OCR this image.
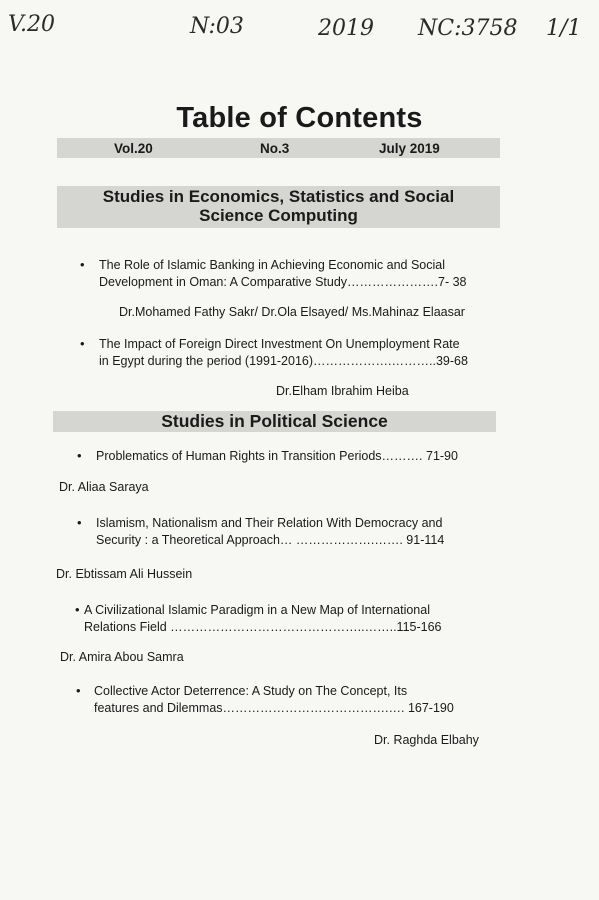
V.20	N:03	2019 NC:3758 1/1
Table of Contents
Vol.20	No.3	July 2019
Studies in Economics, Statistics and Social
Science Computing
• The Role of Islamic Banking in Achieving Economic and Social
Development in Oman: A Comparative Study………………….7- 38
Dr.Mohamed Fathy Sakr/ Dr.Ola Elsayed/ Ms.Mahinaz Elaasar
• The Impact of Foreign Direct Investment On Unemployment Rate
in Egypt during the period (1991-2016)……………….………..39-68
Dr.Elham Ibrahim Heiba
Studies in Political Science
• Problematics of Human Rights in Transition Periods………. 71-90
Dr. Aliaa Saraya
• Islamism, Nationalism and Their Relation With Democracy and
Security : a Theoretical Approach… ……………….……. 91-114
Dr. Ebtissam Ali Hussein
• A Civilizational Islamic Paradigm in a New Map of International
Relations Field ………………………………………..……..115-166
Dr. Amira Abou Samra
• Collective Actor Deterrence: A Study on The Concept, Its
features and Dilemmas………………………………….…. 167-190
Dr. Raghda Elbahy
